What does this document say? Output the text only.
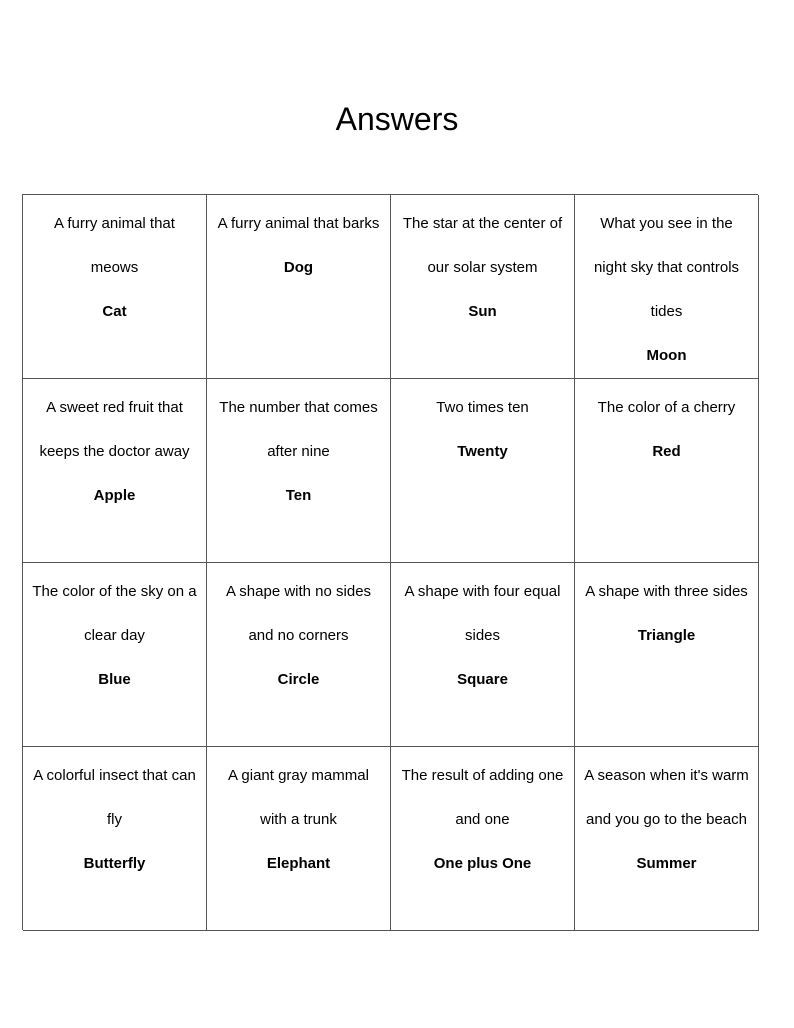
Answers
A furry animal that meows
Cat
A furry animal that barks
Dog
The star at the center of our solar system
Sun
What you see in the night sky that controls tides
Moon
A sweet red fruit that keeps the doctor away
Apple
The number that comes after nine
Ten
Two times ten
Twenty
The color of a cherry
Red
The color of the sky on a clear day
Blue
A shape with no sides and no corners
Circle
A shape with four equal sides
Square
A shape with three sides
Triangle
A colorful insect that can fly
Butterfly
A giant gray mammal with a trunk
Elephant
The result of adding one and one
One plus One
A season when it's warm and you go to the beach
Summer
